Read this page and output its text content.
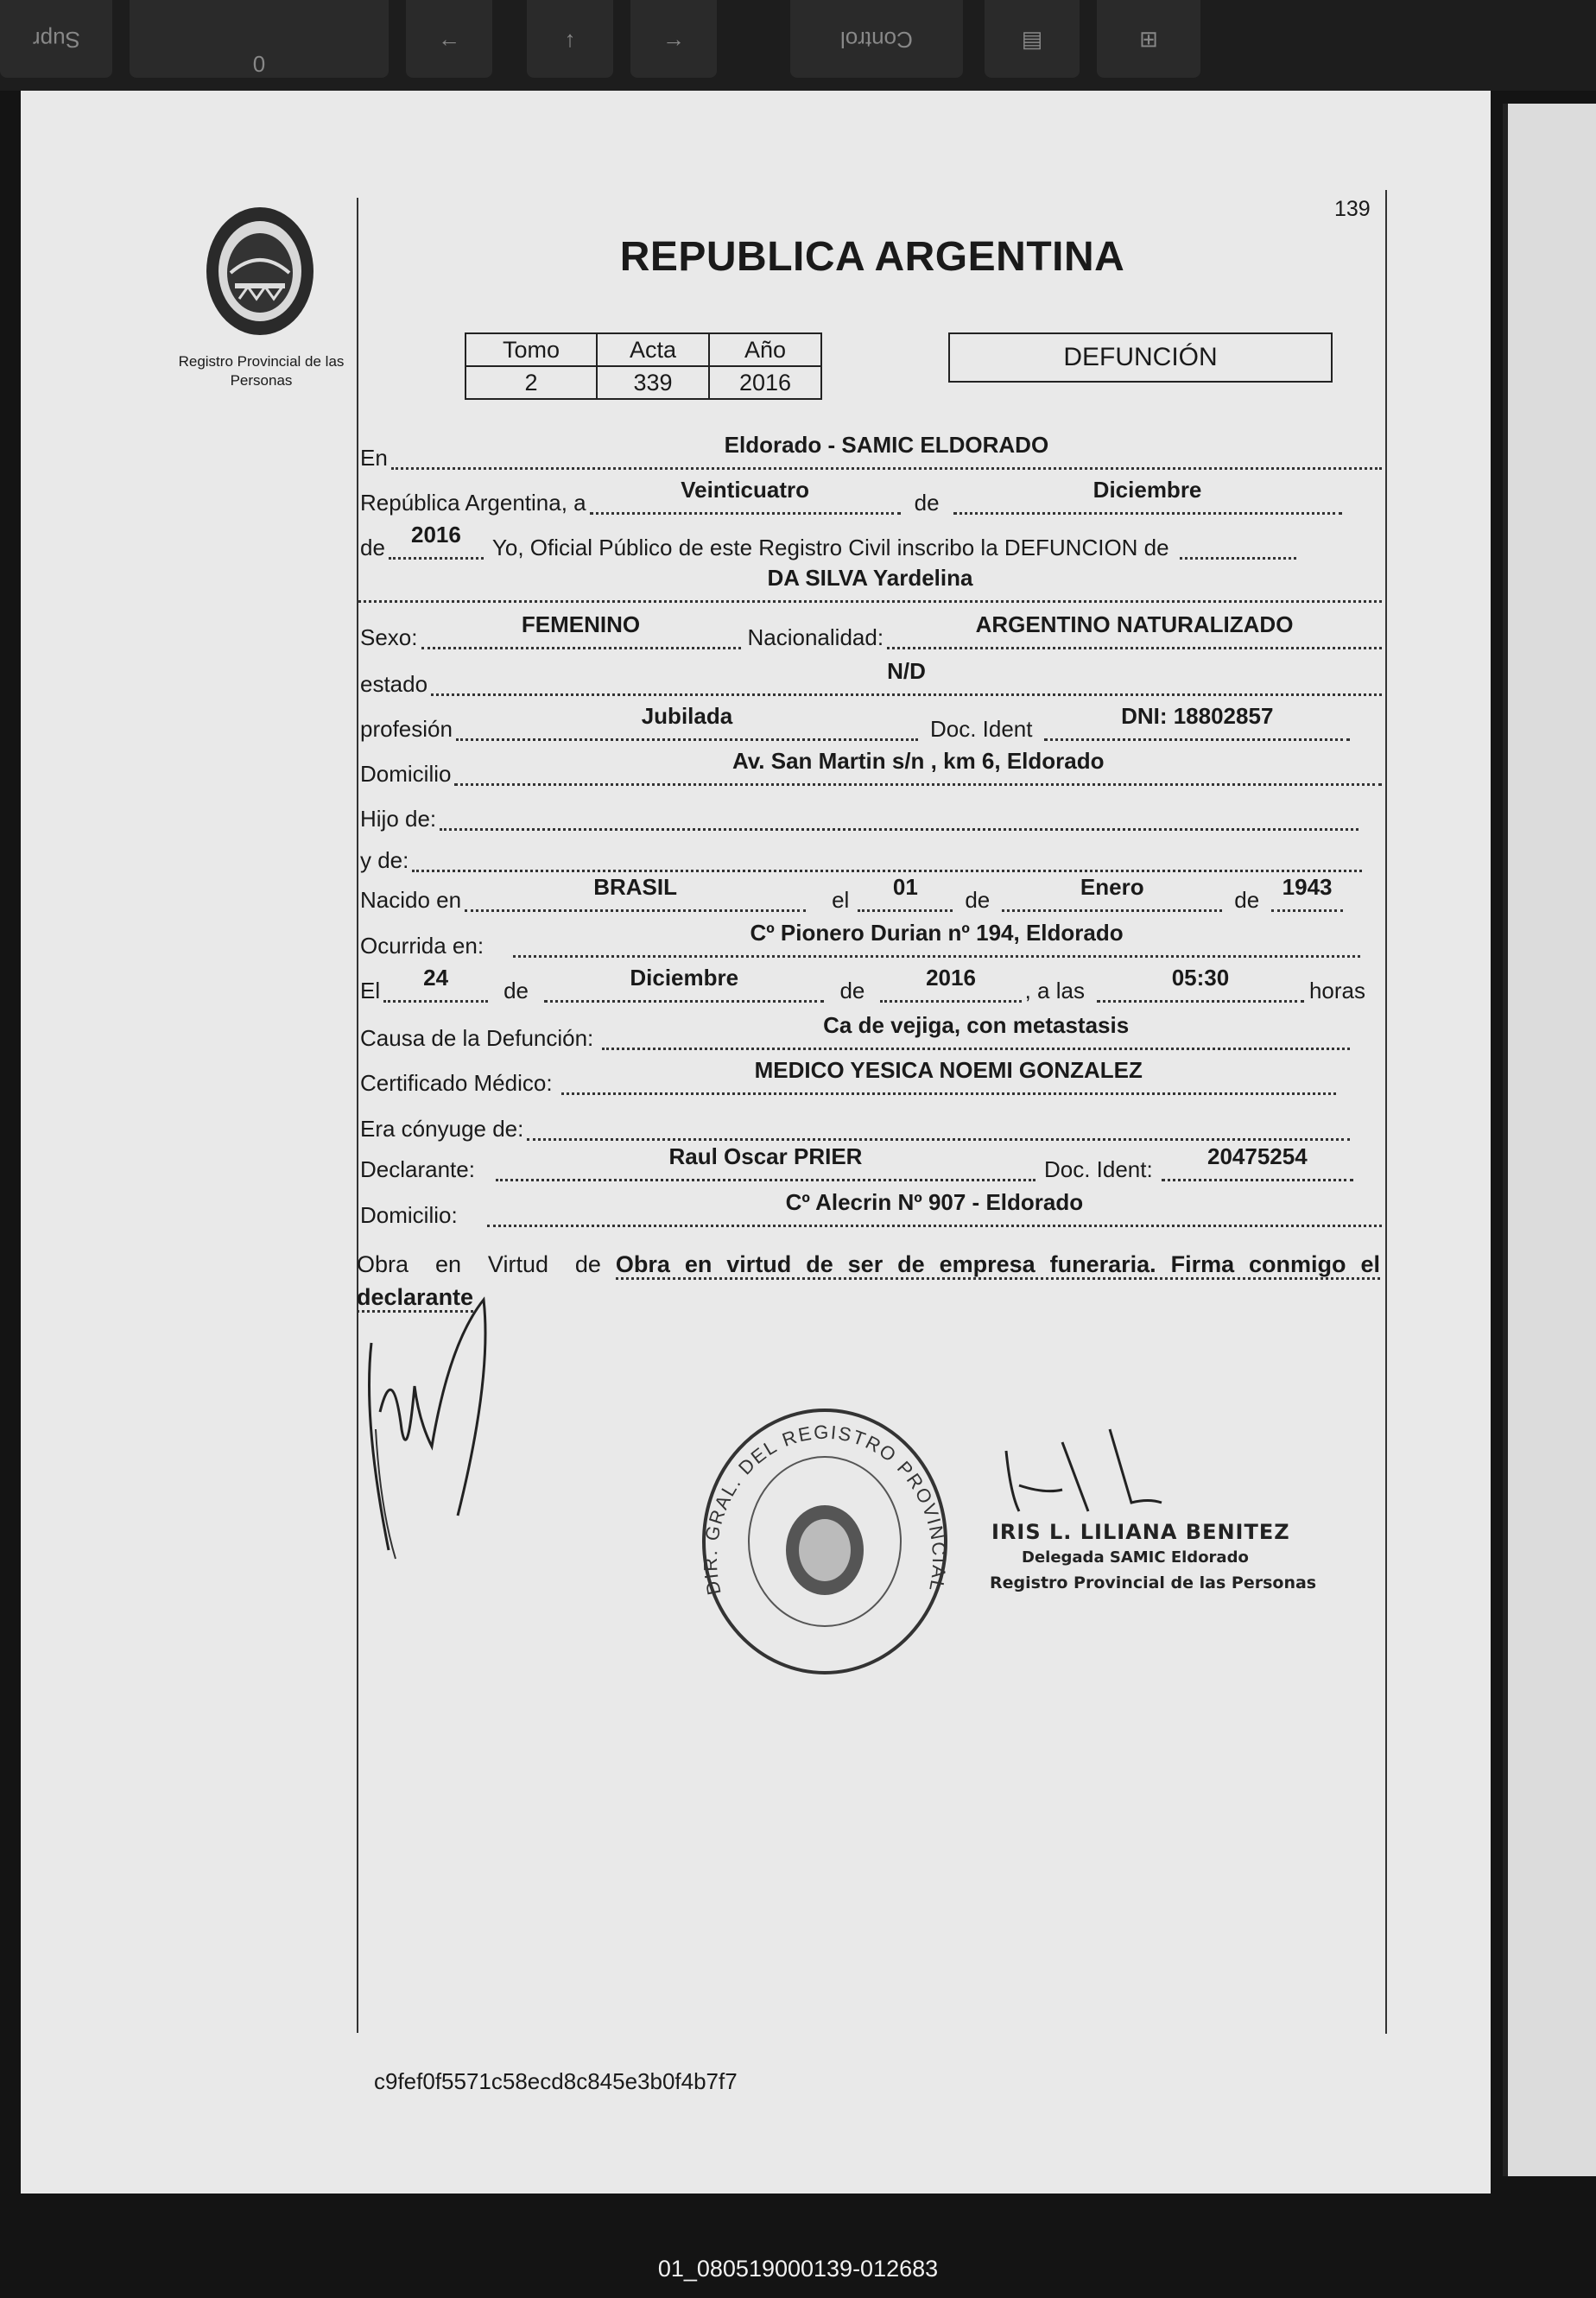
Supr
0
←	↑	→	Control	▤	⊞
Registro Provincial de las Personas
139
REPUBLICA ARGENTINA
Tomo	Acta	Año
2	339	2016
DEFUNCIÓN
En	Eldorado - SAMIC ELDORADO
República Argentina, a	Veinticuatro	de	Diciembre
de	2016	Yo, Oficial Público de este Registro Civil inscribo la DEFUNCION de
DA SILVA Yardelina
Sexo:	FEMENINO	Nacionalidad:	ARGENTINO NATURALIZADO
estado	N/D
profesión	Jubilada	Doc. Ident	DNI: 18802857
Domicilio	Av. San Martin s/n , km 6, Eldorado
Hijo de:
y de:
Nacido en	BRASIL	el	01	de	Enero	de	1943
Ocurrida en:	Cº Pionero Durian nº 194, Eldorado
El	24	de	Diciembre	de	2016	, a las	05:30	horas
Causa de la Defunción:	Ca de vejiga, con metastasis
Certificado Médico:	MEDICO YESICA NOEMI GONZALEZ
Era cónyuge de:
Declarante:	Raul Oscar PRIER	Doc. Ident:	20475254
Domicilio:	Cº Alecrin Nº 907 - Eldorado
Obra en Virtud de Obra en virtud de ser de empresa funeraria. Firma conmigo el declarante
DIR. GRAL. DEL REGISTRO PROVINCIAL
IRIS L. LILIANA BENITEZ
Delegada SAMIC Eldorado
Registro Provincial de las Personas
c9fef0f5571c58ecd8c845e3b0f4b7f7
01_080519000139-012683
